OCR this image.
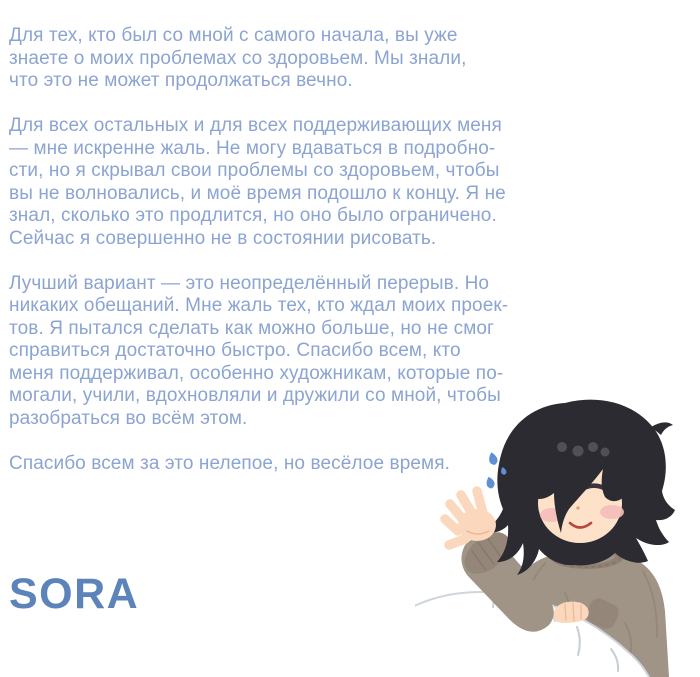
Для тех, кто был со мной с самого начала, вы уже
знаете о моих проблемах со здоровьем. Мы знали,
что это не может продолжаться вечно.
Для всех остальных и для всех поддерживающих меня
— мне искренне жаль. Не могу вдаваться в подробно-
сти, но я скрывал свои проблемы со здоровьем, чтобы
вы не волновались, и моё время подошло к концу. Я не
знал, сколько это продлится, но оно было ограничено.
Сейчас я совершенно не в состоянии рисовать.
Лучший вариант — это неопределённый перерыв. Но
никаких обещаний. Мне жаль тех, кто ждал моих проек-
тов. Я пытался сделать как можно больше, но не смог
справиться достаточно быстро. Спасибо всем, кто
меня поддерживал, особенно художникам, которые по-
могали, учили, вдохновляли и дружили со мной, чтобы
разобраться во всём этом.
Спасибо всем за это нелепое, но весёлое время.
SORA
